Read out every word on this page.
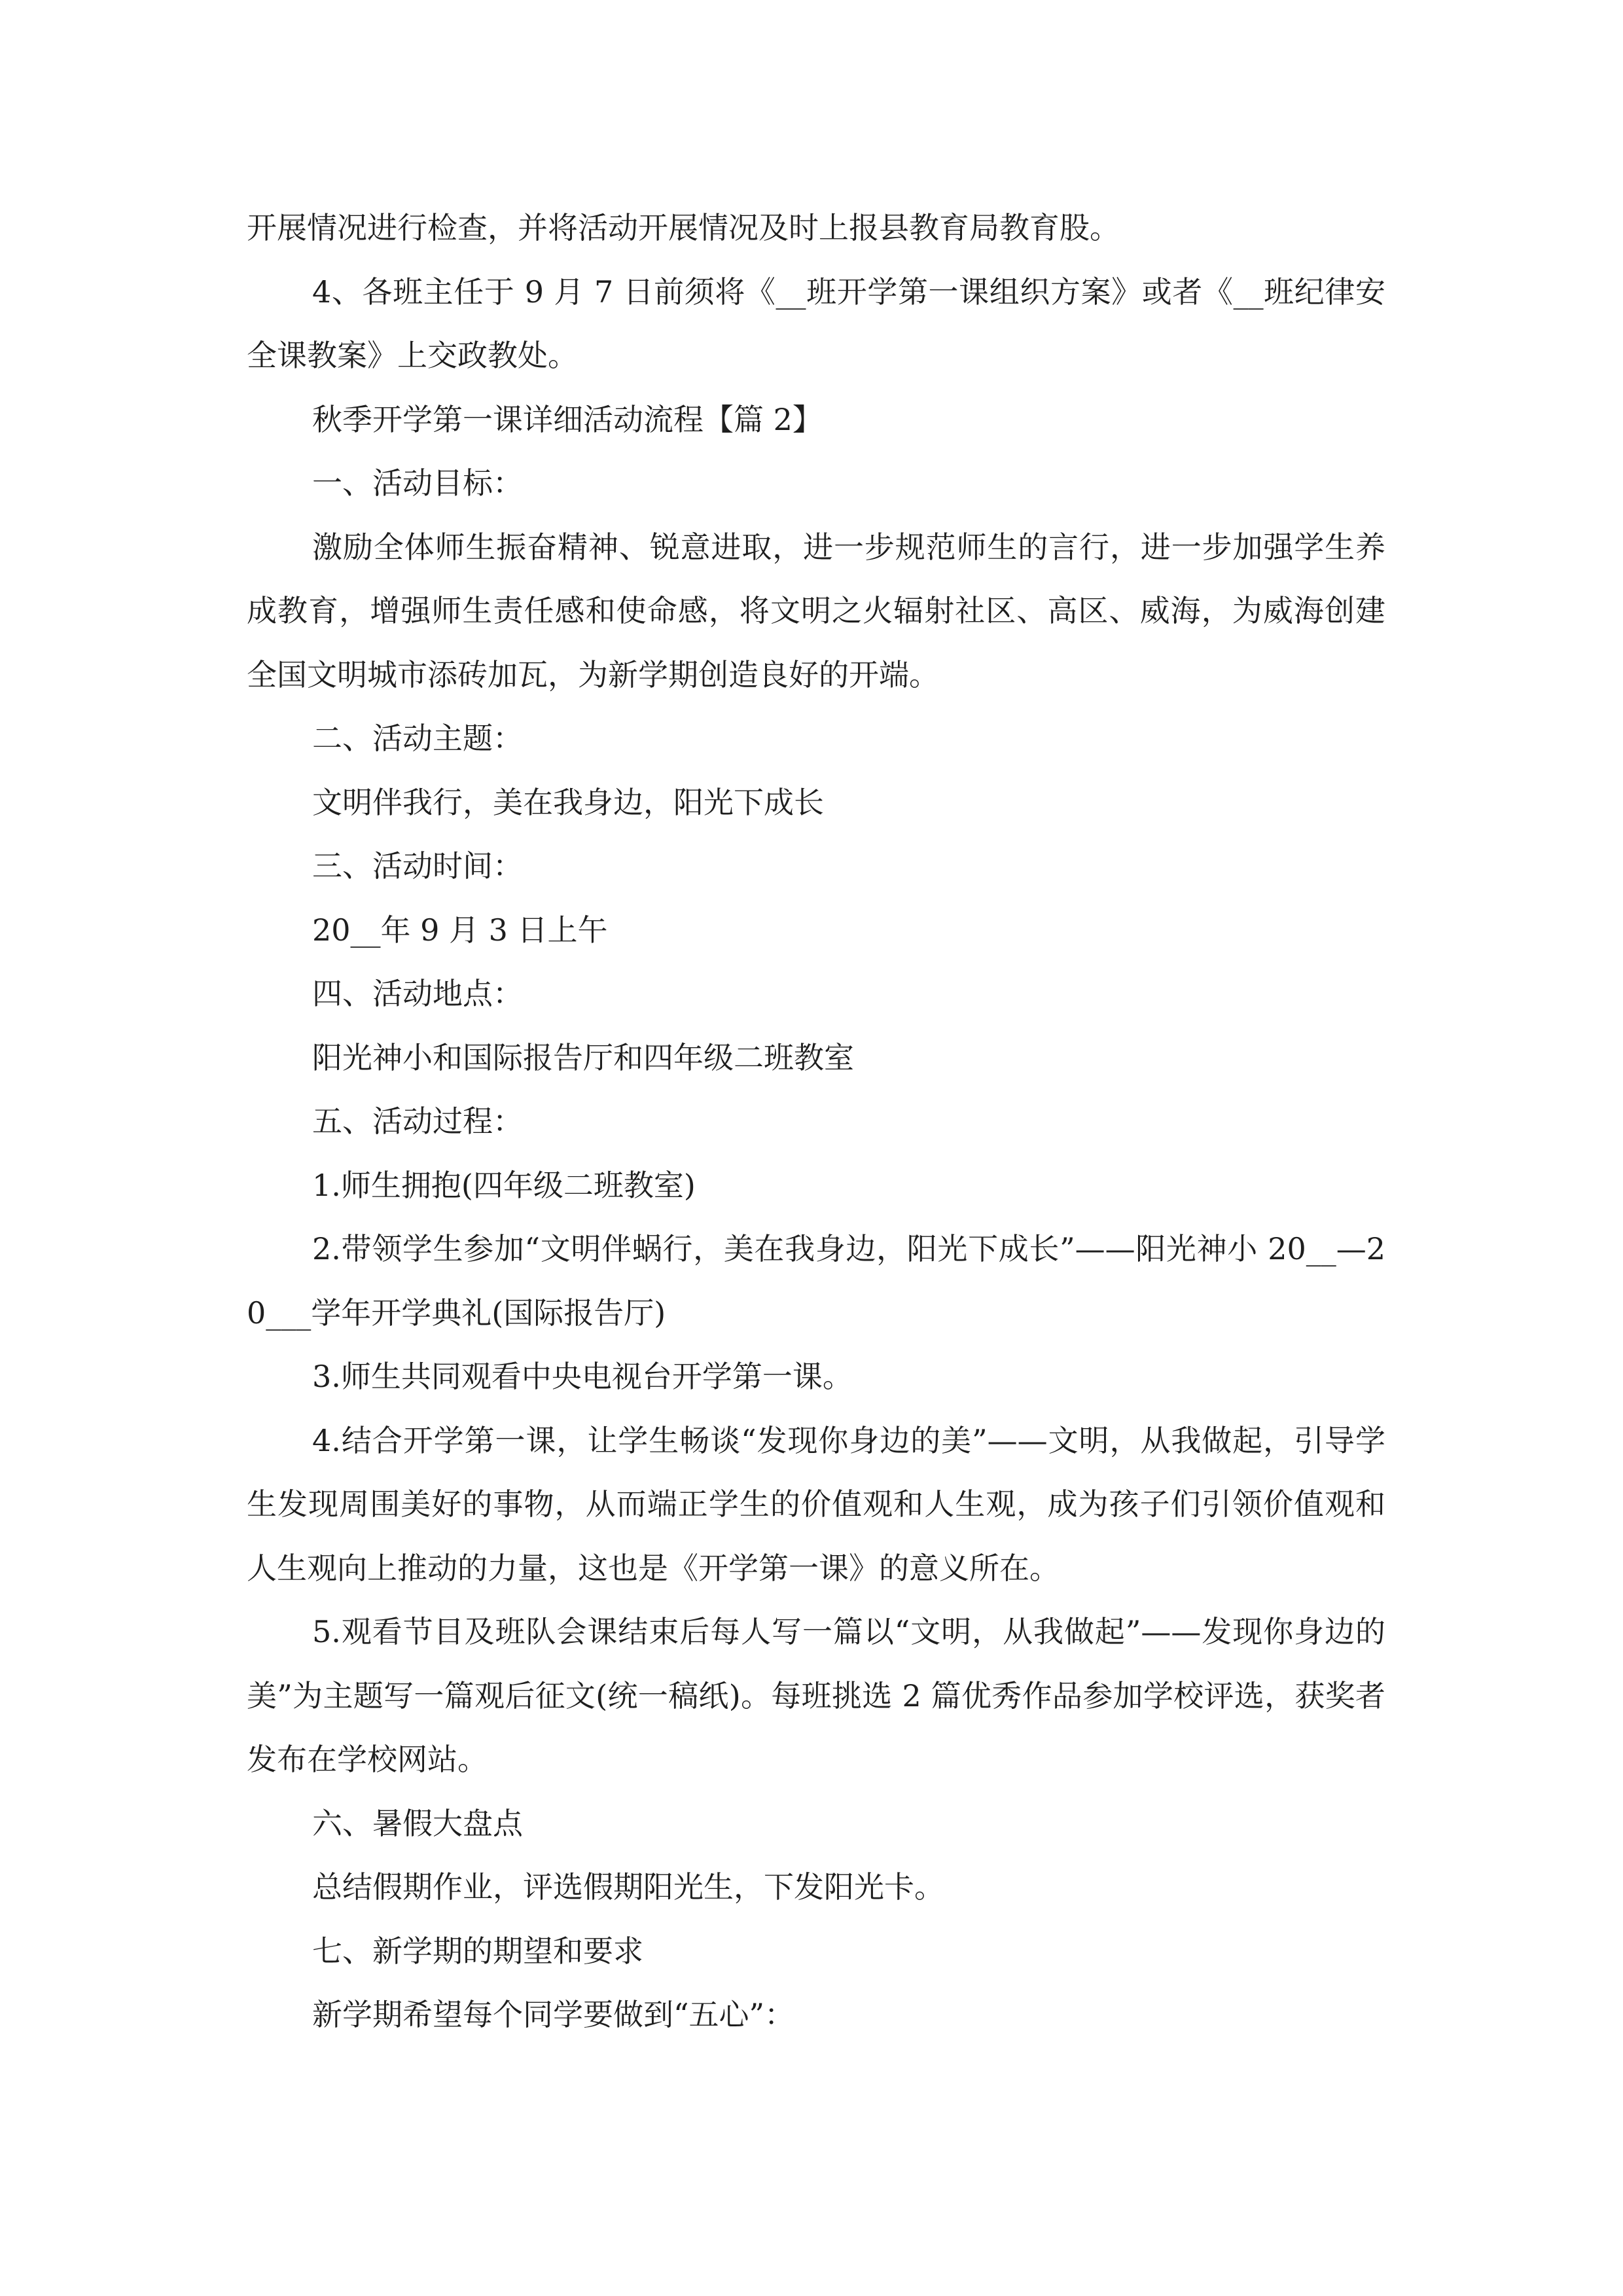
开展情况进行检查，并将活动开展情况及时上报县教育局教育股。

4、各班主任于 9 月 7 日前须将《__班开学第一课组织方案》或者《__班纪律安全课教案》上交政教处。

秋季开学第一课详细活动流程【篇 2】

一、活动目标：

激励全体师生振奋精神、锐意进取，进一步规范师生的言行，进一步加强学生养成教育，增强师生责任感和使命感，将文明之火辐射社区、高区、威海，为威海创建全国文明城市添砖加瓦，为新学期创造良好的开端。

二、活动主题：

文明伴我行，美在我身边，阳光下成长

三、活动时间：

20__年 9 月 3 日上午

四、活动地点：

阳光神小和国际报告厅和四年级二班教室

五、活动过程：

1.师生拥抱(四年级二班教室)

2.带领学生参加“文明伴蜗行，美在我身边，阳光下成长”——阳光神小 20__—20___学年开学典礼(国际报告厅)

3.师生共同观看中央电视台开学第一课。

4.结合开学第一课，让学生畅谈“发现你身边的美”——文明，从我做起，引导学生发现周围美好的事物，从而端正学生的价值观和人生观，成为孩子们引领价值观和人生观向上推动的力量，这也是《开学第一课》的意义所在。

5.观看节目及班队会课结束后每人写一篇以“文明，从我做起”——发现你身边的美”为主题写一篇观后征文(统一稿纸)。每班挑选 2 篇优秀作品参加学校评选，获奖者发布在学校网站。

六、暑假大盘点

总结假期作业，评选假期阳光生，下发阳光卡。

七、新学期的期望和要求

新学期希望每个同学要做到“五心”：
